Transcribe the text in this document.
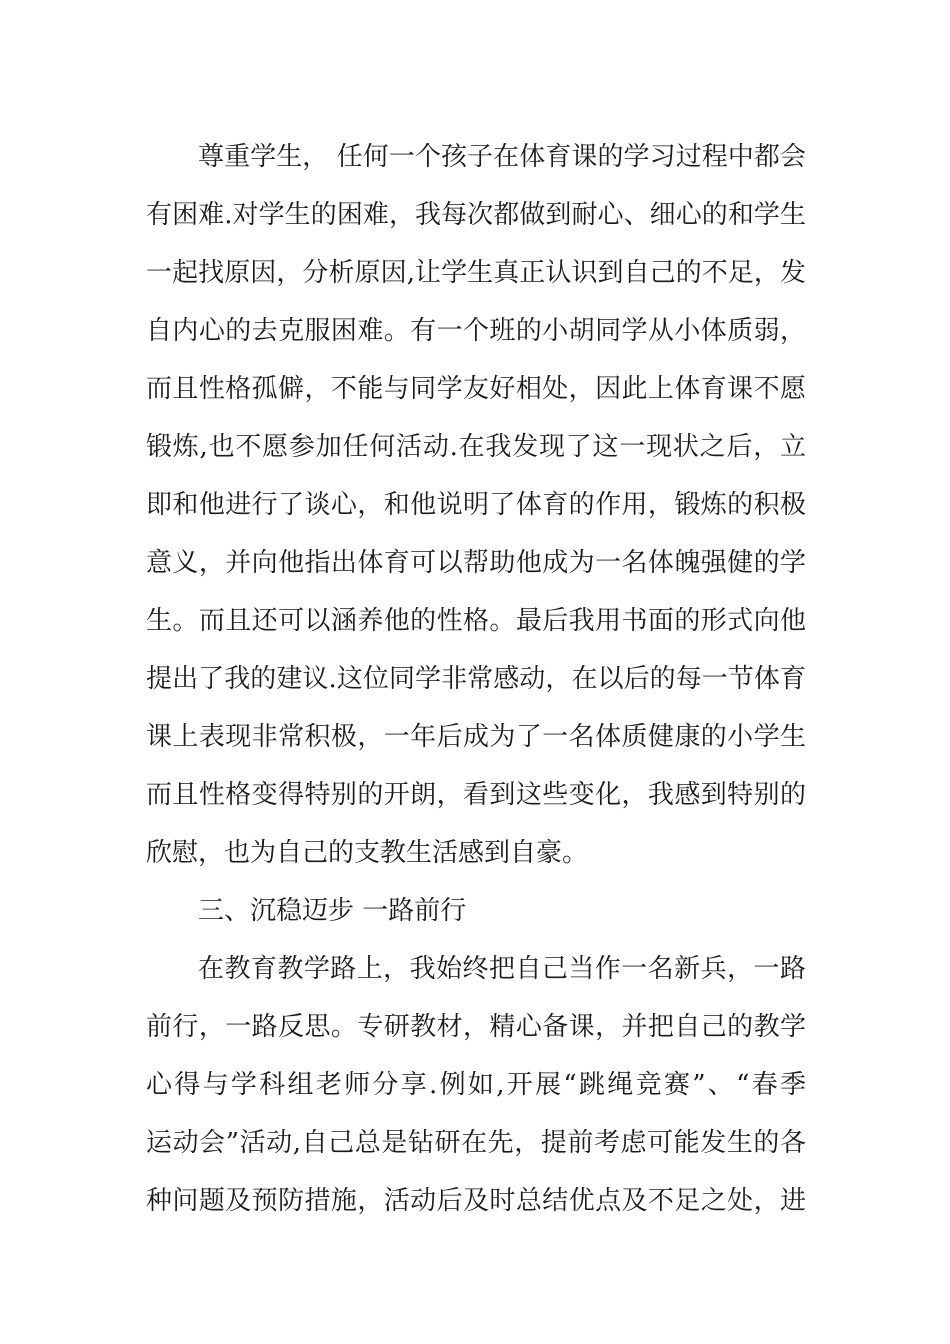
尊重学生， 任何一个孩子在体育课的学习过程中都会
有困难.对学生的困难，我每次都做到耐心、细心的和学生
一起找原因，分析原因,让学生真正认识到自己的不足，发
自内心的去克服困难。有一个班的小胡同学从小体质弱，
而且性格孤僻，不能与同学友好相处，因此上体育课不愿
锻炼,也不愿参加任何活动.在我发现了这一现状之后，立
即和他进行了谈心，和他说明了体育的作用，锻炼的积极
意义，并向他指出体育可以帮助他成为一名体魄强健的学
生。而且还可以涵养他的性格。最后我用书面的形式向他
提出了我的建议.这位同学非常感动，在以后的每一节体育
课上表现非常积极，一年后成为了一名体质健康的小学生
而且性格变得特别的开朗，看到这些变化，我感到特别的
欣慰，也为自己的支教生活感到自豪。
三、沉稳迈步 一路前行
在教育教学路上，我始终把自己当作一名新兵，一路
前行，一路反思。专研教材，精心备课，并把自己的教学
心得与学科组老师分享.例如,开展“跳绳竞赛”、“春季
运动会”活动,自己总是钻研在先，提前考虑可能发生的各
种问题及预防措施，活动后及时总结优点及不足之处，进
